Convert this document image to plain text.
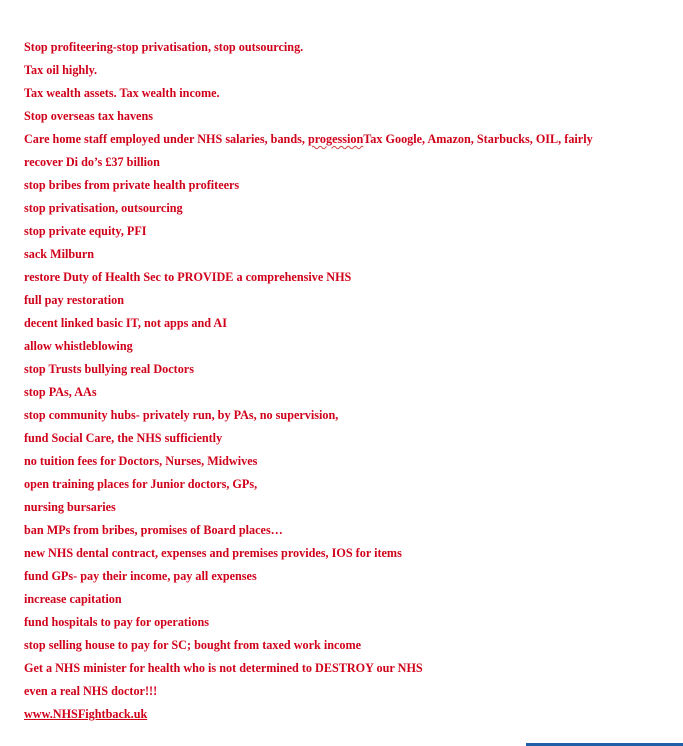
Stop profiteering-stop privatisation, stop outsourcing.

Tax oil highly.

Tax wealth assets. Tax wealth income.

Stop overseas tax havens

Care home staff employed under NHS salaries, bands, progessionTax Google, Amazon, Starbucks, OIL, fairly

recover Di do’s £37 billion

stop bribes from private health profiteers

stop privatisation, outsourcing

stop private equity, PFI

sack Milburn

restore Duty of Health Sec to PROVIDE a comprehensive NHS

full pay restoration

decent linked basic IT, not apps and AI

allow whistleblowing

stop Trusts bullying real Doctors

stop PAs, AAs

stop community hubs- privately run, by PAs, no supervision,

fund Social Care, the NHS sufficiently

no tuition fees for Doctors, Nurses, Midwives

open training places for Junior doctors, GPs,

nursing bursaries

ban MPs from bribes, promises of Board places…

new NHS dental contract, expenses and premises provides, IOS for items

fund GPs- pay their income, pay all expenses

increase capitation

fund hospitals to pay for operations

stop selling house to pay for SC; bought from taxed work income

Get a NHS minister for health who is not determined to DESTROY our NHS

even a real NHS doctor!!!

www.NHSFightback.uk
